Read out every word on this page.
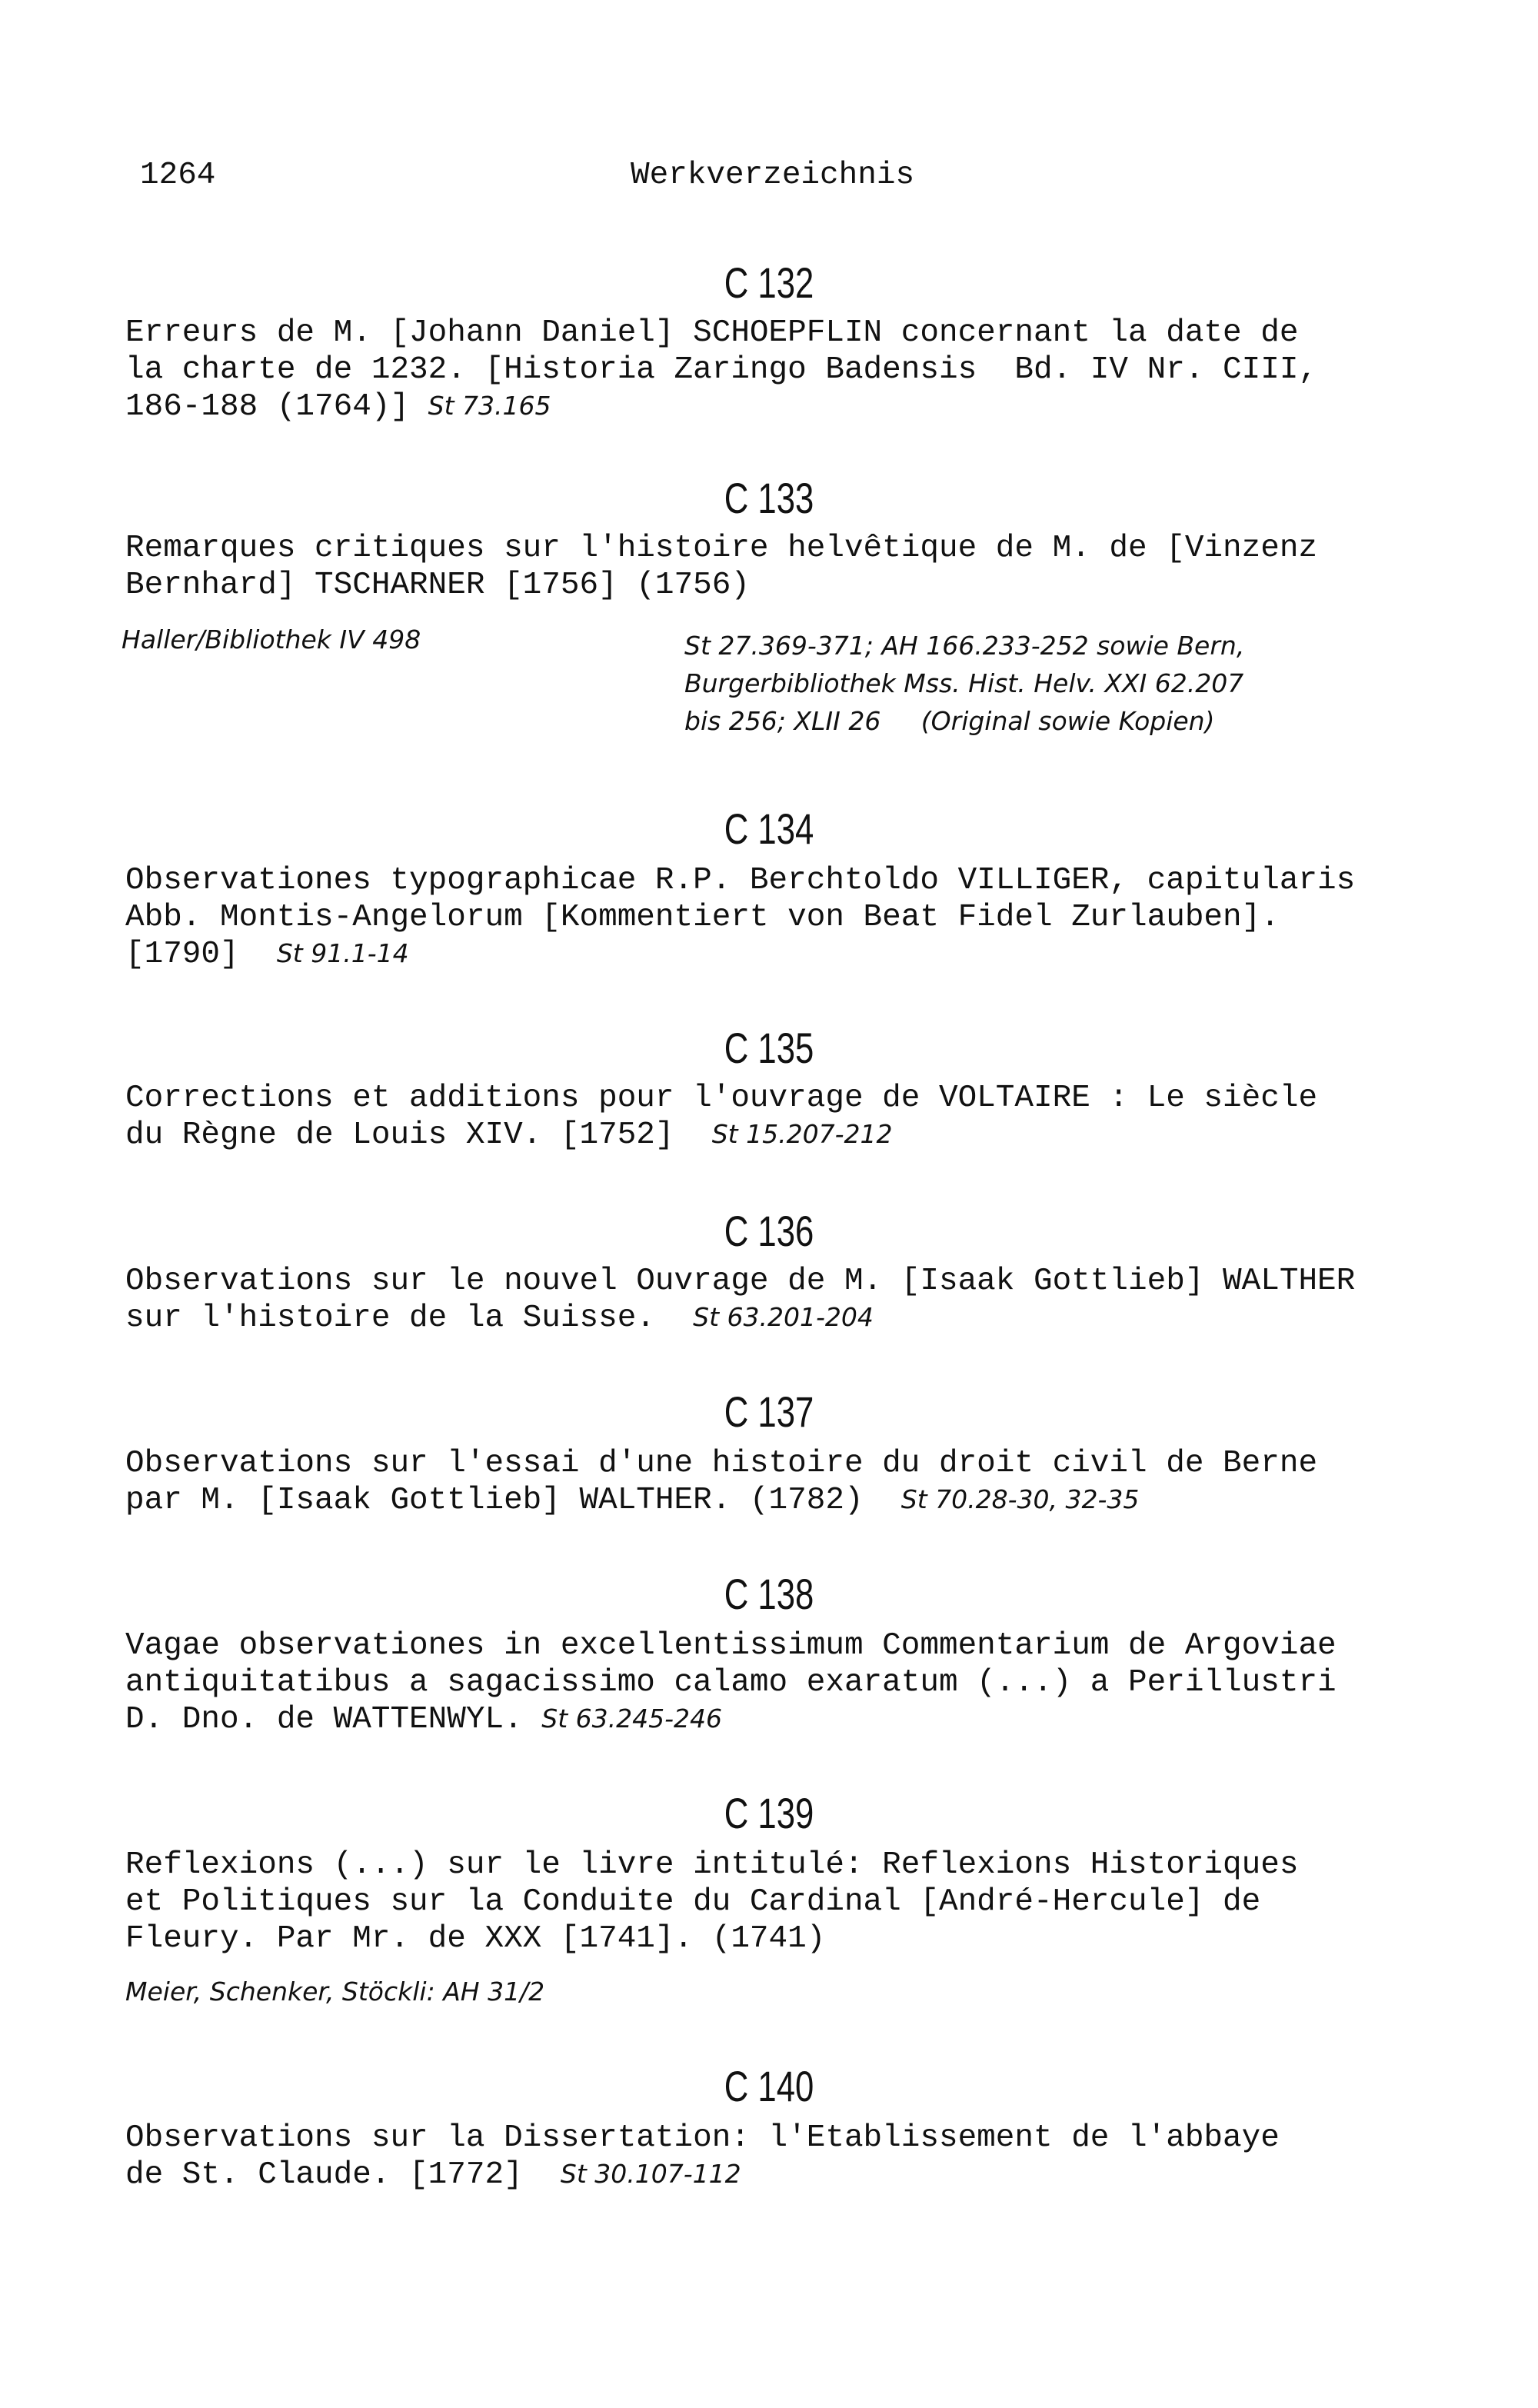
1264	Werkverzeichnis
C 132
Erreurs de M. [Johann Daniel] SCHOEPFLIN concernant la date de
la charte de 1232. [Historia Zaringo Badensis  Bd. IV Nr. CIII,
186-188 (1764)] St 73.165
C 133
Remarques critiques sur l'histoire helvêtique de M. de [Vinzenz
Bernhard] TSCHARNER [1756] (1756)
Haller/Bibliothek IV 498	St 27.369-371; AH 166.233-252 sowie Bern,
Burgerbibliothek Mss. Hist. Helv. XXI 62.207
bis 256; XLII 26     (Original sowie Kopien)
C 134
Observationes typographicae R.P. Berchtoldo VILLIGER, capitularis
Abb. Montis-Angelorum [Kommentiert von Beat Fidel Zurlauben].
[1790]  St 91.1-14
C 135
Corrections et additions pour l'ouvrage de VOLTAIRE : Le siècle
du Règne de Louis XIV. [1752]  St 15.207-212
C 136
Observations sur le nouvel Ouvrage de M. [Isaak Gottlieb] WALTHER
sur l'histoire de la Suisse.  St 63.201-204
C 137
Observations sur l'essai d'une histoire du droit civil de Berne
par M. [Isaak Gottlieb] WALTHER. (1782)  St 70.28-30, 32-35
C 138
Vagae observationes in excellentissimum Commentarium de Argoviae
antiquitatibus a sagacissimo calamo exaratum (...) a Perillustri
D. Dno. de WATTENWYL. St 63.245-246
C 139
Reflexions (...) sur le livre intitulé: Reflexions Historiques
et Politiques sur la Conduite du Cardinal [André-Hercule] de
Fleury. Par Mr. de XXX [1741]. (1741)
Meier, Schenker, Stöckli: AH 31/2
C 140
Observations sur la Dissertation: l'Etablissement de l'abbaye
de St. Claude. [1772]  St 30.107-112
